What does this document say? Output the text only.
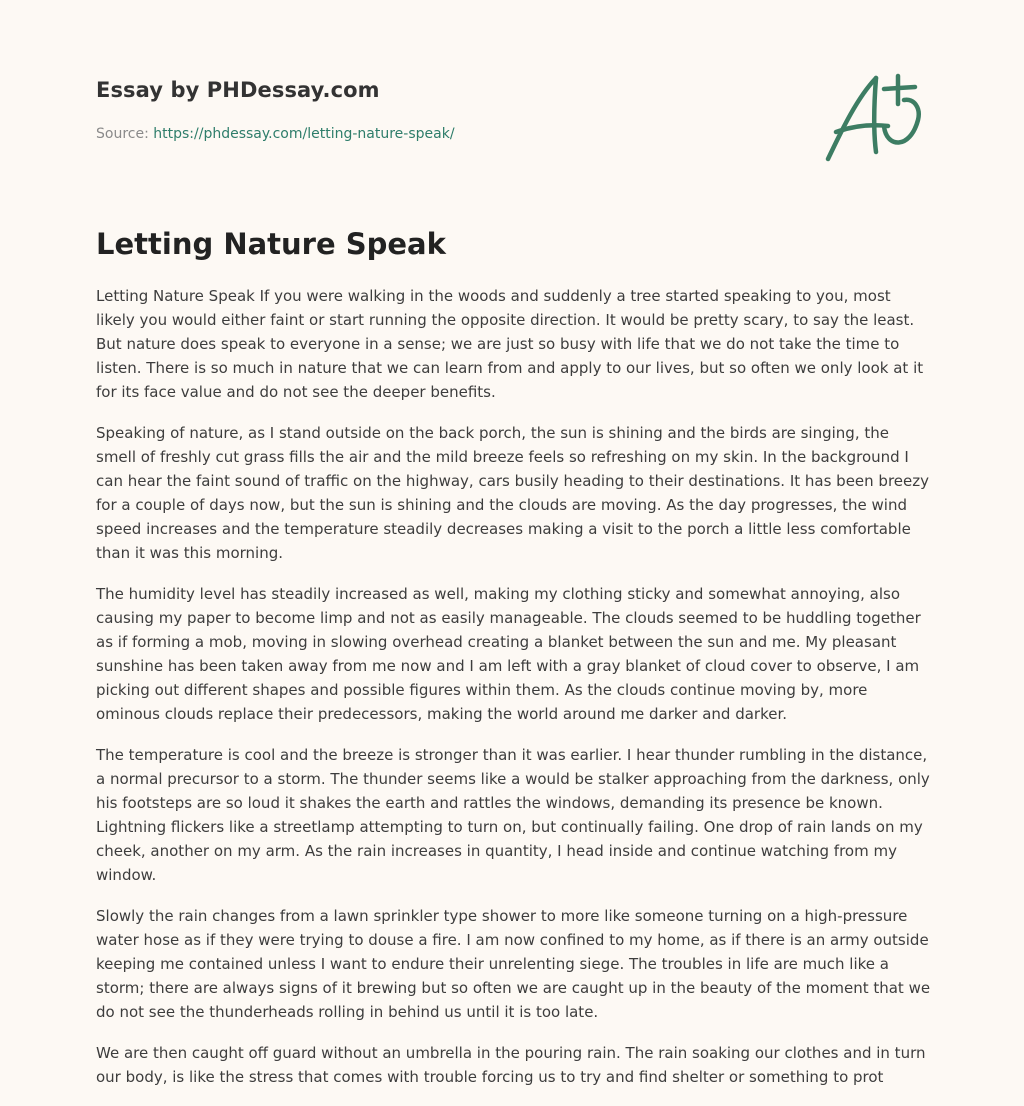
Essay by PHDessay.com
Source: https://phdessay.com/letting-nature-speak/
Letting Nature Speak

Letting Nature Speak If you were walking in the woods and suddenly a tree started speaking to you, most likely you would either faint or start running the opposite direction. It would be pretty scary, to say the least. But nature does speak to everyone in a sense; we are just so busy with life that we do not take the time to listen. There is so much in nature that we can learn from and apply to our lives, but so often we only look at it for its face value and do not see the deeper benefits.

Speaking of nature, as I stand outside on the back porch, the sun is shining and the birds are singing, the smell of freshly cut grass fills the air and the mild breeze feels so refreshing on my skin. In the background I can hear the faint sound of traffic on the highway, cars busily heading to their destinations. It has been breezy for a couple of days now, but the sun is shining and the clouds are moving. As the day progresses, the wind speed increases and the temperature steadily decreases making a visit to the porch a little less comfortable than it was this morning.

The humidity level has steadily increased as well, making my clothing sticky and somewhat annoying, also causing my paper to become limp and not as easily manageable. The clouds seemed to be huddling together as if forming a mob, moving in slowing overhead creating a blanket between the sun and me. My pleasant sunshine has been taken away from me now and I am left with a gray blanket of cloud cover to observe, I am picking out different shapes and possible figures within them. As the clouds continue moving by, more ominous clouds replace their predecessors, making the world around me darker and darker.

The temperature is cool and the breeze is stronger than it was earlier. I hear thunder rumbling in the distance, a normal precursor to a storm. The thunder seems like a would be stalker approaching from the darkness, only his footsteps are so loud it shakes the earth and rattles the windows, demanding its presence be known. Lightning flickers like a streetlamp attempting to turn on, but continually failing. One drop of rain lands on my cheek, another on my arm. As the rain increases in quantity, I head inside and continue watching from my window.

Slowly the rain changes from a lawn sprinkler type shower to more like someone turning on a high-pressure water hose as if they were trying to douse a fire. I am now confined to my home, as if there is an army outside keeping me contained unless I want to endure their unrelenting siege. The troubles in life are much like a storm; there are always signs of it brewing but so often we are caught up in the beauty of the moment that we do not see the thunderheads rolling in behind us until it is too late.

We are then caught off guard without an umbrella in the pouring rain. The rain soaking our clothes and in turn our body, is like the stress that comes with trouble forcing us to try and find shelter or something to prot
